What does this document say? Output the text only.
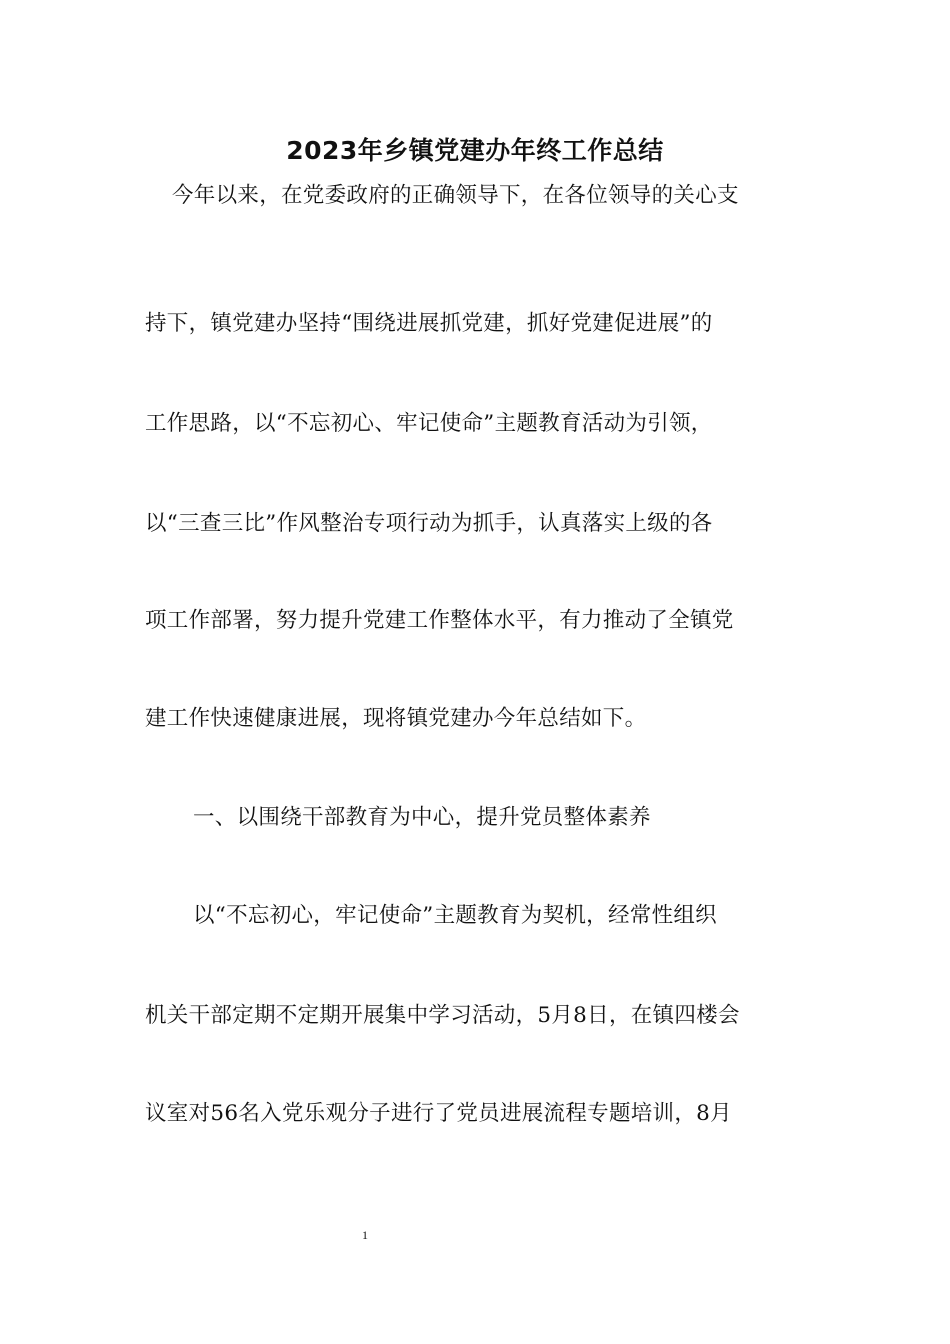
2023年乡镇党建办年终工作总结
今年以来，在党委政府的正确领导下，在各位领导的关心支
持下，镇党建办坚持“围绕进展抓党建，抓好党建促进展”的
工作思路，以“不忘初心、牢记使命”主题教育活动为引领，
以“三查三比”作风整治专项行动为抓手，认真落实上级的各
项工作部署，努力提升党建工作整体水平，有力推动了全镇党
建工作快速健康进展，现将镇党建办今年总结如下。
一、以围绕干部教育为中心，提升党员整体素养
以“不忘初心，牢记使命”主题教育为契机，经常性组织
机关干部定期不定期开展集中学习活动，5月8日，在镇四楼会
议室对56名入党乐观分子进行了党员进展流程专题培训，8月
1
